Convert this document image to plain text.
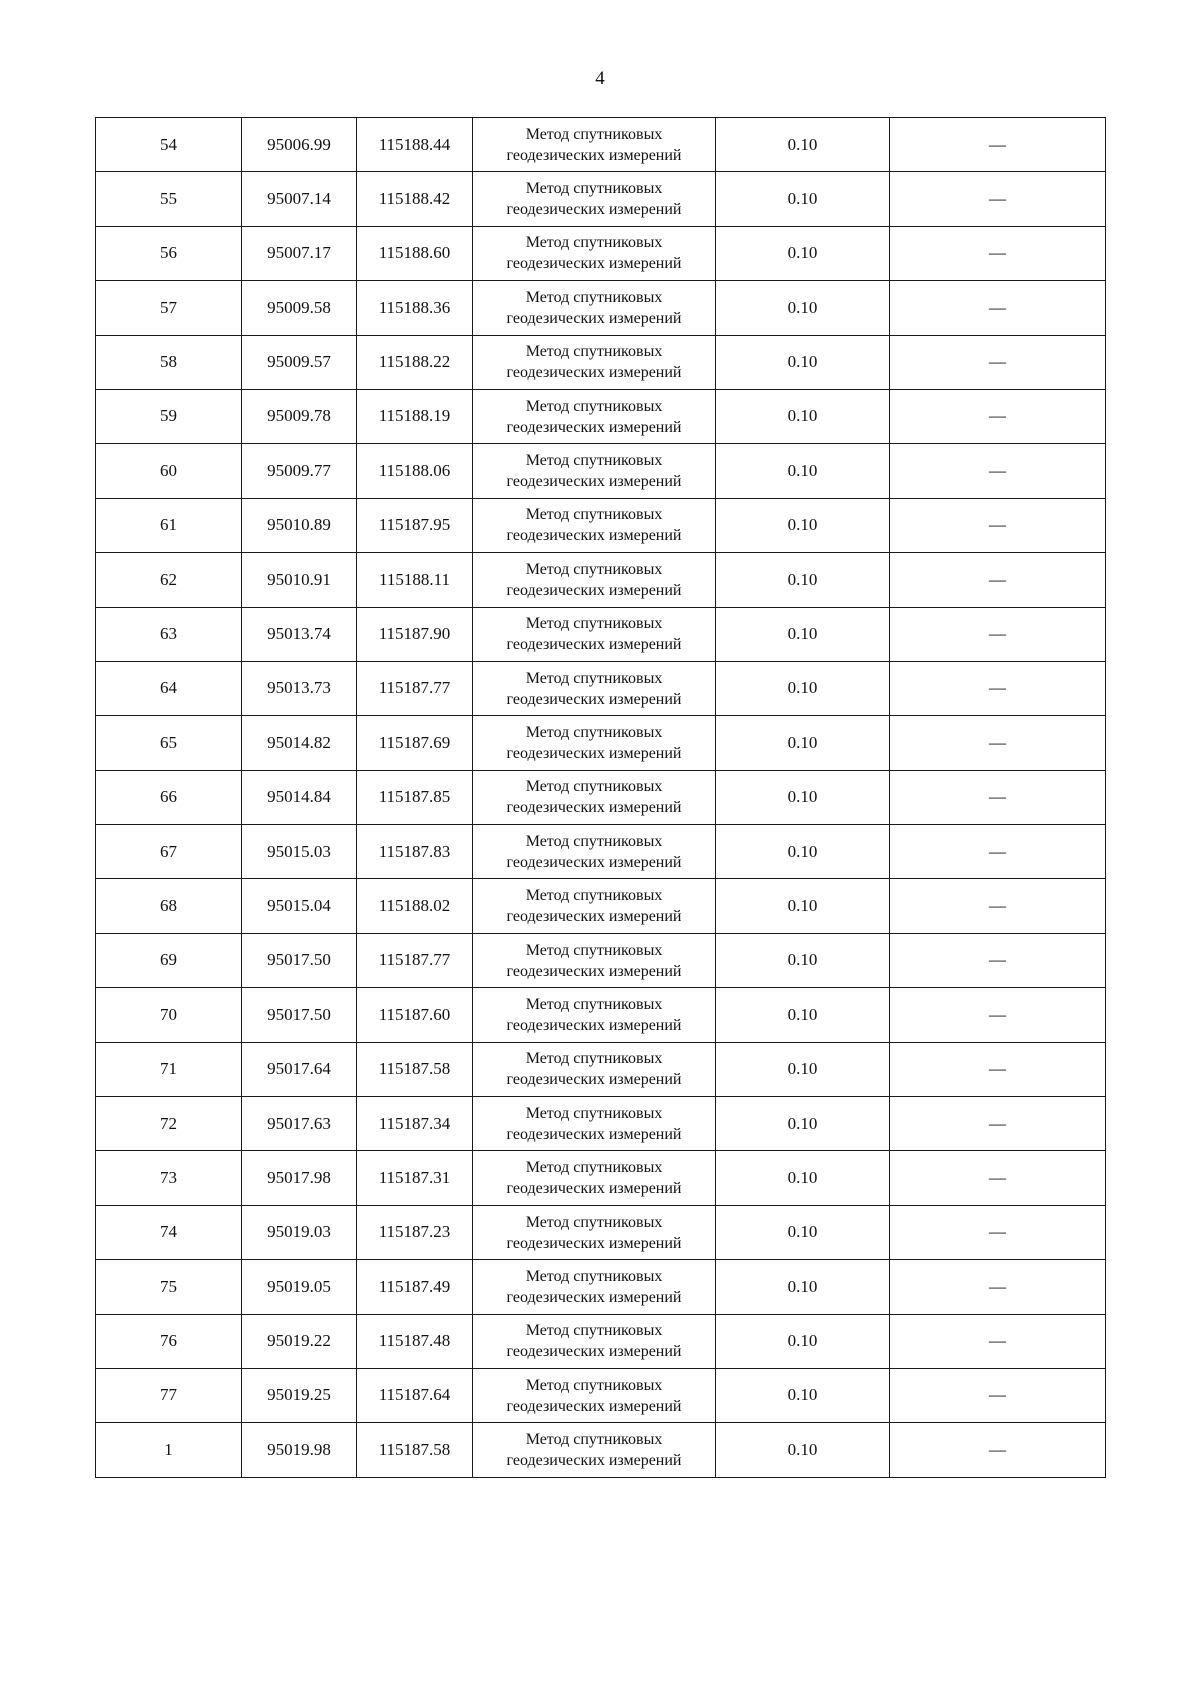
4
54	95006.99	115188.44	Метод спутниковых
геодезических измерений	0.10	—
55	95007.14	115188.42	Метод спутниковых
геодезических измерений	0.10	—
56	95007.17	115188.60	Метод спутниковых
геодезических измерений	0.10	—
57	95009.58	115188.36	Метод спутниковых
геодезических измерений	0.10	—
58	95009.57	115188.22	Метод спутниковых
геодезических измерений	0.10	—
59	95009.78	115188.19	Метод спутниковых
геодезических измерений	0.10	—
60	95009.77	115188.06	Метод спутниковых
геодезических измерений	0.10	—
61	95010.89	115187.95	Метод спутниковых
геодезических измерений	0.10	—
62	95010.91	115188.11	Метод спутниковых
геодезических измерений	0.10	—
63	95013.74	115187.90	Метод спутниковых
геодезических измерений	0.10	—
64	95013.73	115187.77	Метод спутниковых
геодезических измерений	0.10	—
65	95014.82	115187.69	Метод спутниковых
геодезических измерений	0.10	—
66	95014.84	115187.85	Метод спутниковых
геодезических измерений	0.10	—
67	95015.03	115187.83	Метод спутниковых
геодезических измерений	0.10	—
68	95015.04	115188.02	Метод спутниковых
геодезических измерений	0.10	—
69	95017.50	115187.77	Метод спутниковых
геодезических измерений	0.10	—
70	95017.50	115187.60	Метод спутниковых
геодезических измерений	0.10	—
71	95017.64	115187.58	Метод спутниковых
геодезических измерений	0.10	—
72	95017.63	115187.34	Метод спутниковых
геодезических измерений	0.10	—
73	95017.98	115187.31	Метод спутниковых
геодезических измерений	0.10	—
74	95019.03	115187.23	Метод спутниковых
геодезических измерений	0.10	—
75	95019.05	115187.49	Метод спутниковых
геодезических измерений	0.10	—
76	95019.22	115187.48	Метод спутниковых
геодезических измерений	0.10	—
77	95019.25	115187.64	Метод спутниковых
геодезических измерений	0.10	—
1	95019.98	115187.58	Метод спутниковых
геодезических измерений	0.10	—
